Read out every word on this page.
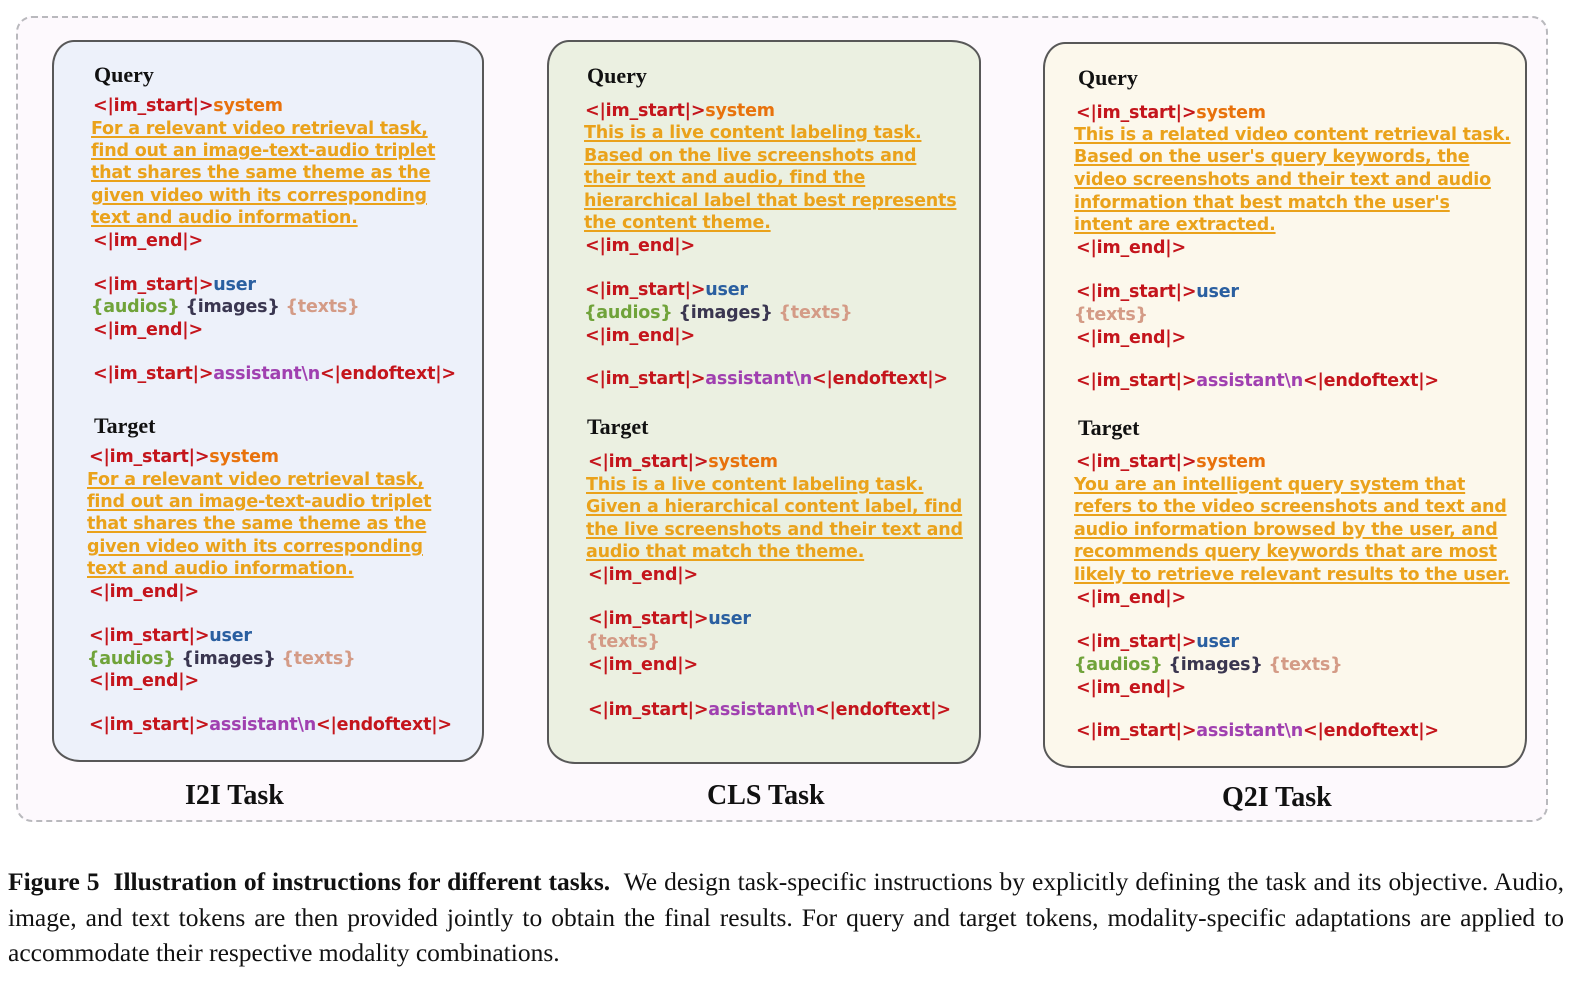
Query
<|im_start|>system
For a relevant video retrieval task,
find out an image-text-audio triplet
that shares the same theme as the
given video with its corresponding
text and audio information.
<|im_end|>
<|im_start|>user
{audios} {images} {texts}
<|im_end|>
<|im_start|>assistant\n<|endoftext|>
Target
<|im_start|>system
For a relevant video retrieval task,
find out an image-text-audio triplet
that shares the same theme as the
given video with its corresponding
text and audio information.
<|im_end|>
<|im_start|>user
{audios} {images} {texts}
<|im_end|>
<|im_start|>assistant\n<|endoftext|>
I2I Task
Query
<|im_start|>system
This is a live content labeling task.
Based on the live screenshots and
their text and audio, find the
hierarchical label that best represents
the content theme.
<|im_end|>
<|im_start|>user
{audios} {images} {texts}
<|im_end|>
<|im_start|>assistant\n<|endoftext|>
Target
<|im_start|>system
This is a live content labeling task.
Given a hierarchical content label, find
the live screenshots and their text and
audio that match the theme.
<|im_end|>
<|im_start|>user
{texts}
<|im_end|>
<|im_start|>assistant\n<|endoftext|>
CLS Task
Query
<|im_start|>system
This is a related video content retrieval task.
Based on the user's query keywords, the
video screenshots and their text and audio
information that best match the user's
intent are extracted.
<|im_end|>
<|im_start|>user
{texts}
<|im_end|>
<|im_start|>assistant\n<|endoftext|>
Target
<|im_start|>system
You are an intelligent query system that
refers to the video screenshots and text and
audio information browsed by the user, and
recommends query keywords that are most
likely to retrieve relevant results to the user.
<|im_end|>
<|im_start|>user
{audios} {images} {texts}
<|im_end|>
<|im_start|>assistant\n<|endoftext|>
Q2I Task
Figure 5 Illustration of instructions for different tasks. We design task-specific instructions by explicitly defining the task and its objective. Audio, image, and text tokens are then provided jointly to obtain the final results. For query and target tokens, modality-specific adaptations are applied to accommodate their respective modality combinations.
